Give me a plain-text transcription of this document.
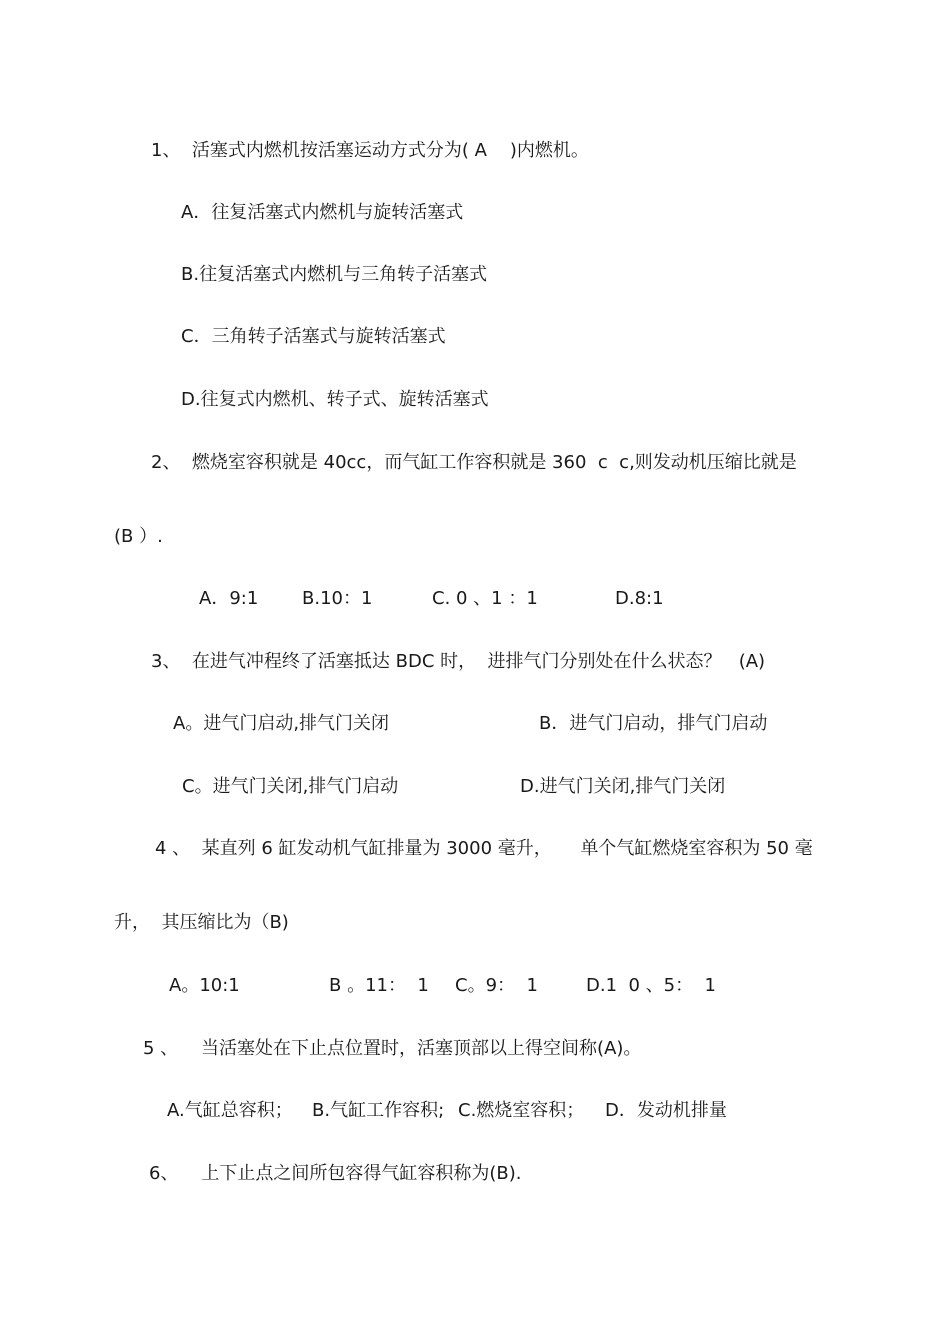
1、  活塞式内燃机按活塞运动方式分为( A    )内燃机。
A．往复活塞式内燃机与旋转活塞式
B.往复活塞式内燃机与三角转子活塞式
C．三角转子活塞式与旋转活塞式
D.往复式内燃机、转子式、旋转活塞式
2、  燃烧室容积就是 40cc，而气缸工作容积就是 360  c  c,则发动机压缩比就是
(B ）.
A．9:1 B.10：1	C. 0 、1 ：1	D.8:1
3、  在进气冲程终了活塞抵达 BDC 时，  进排气门分别处在什么状态？   (A)
A。进气门启动,排气门关闭	B．进气门启动，排气门启动
C。进气门关闭,排气门启动	D.进气门关闭,排气门关闭
4 、  某直列 6 缸发动机气缸排量为 3000 毫升，     单个气缸燃烧室容积为 50 毫
升，  其压缩比为（B)
A。10:1	B 。11：  1 C。9：  1	D.1  0 、5：  1
5 、    当活塞处在下止点位置时，活塞顶部以上得空间称(A)。
A.气缸总容积； B.气缸工作容积; C.燃烧室容积； D．发动机排量
6、    上下止点之间所包容得气缸容积称为(B).
